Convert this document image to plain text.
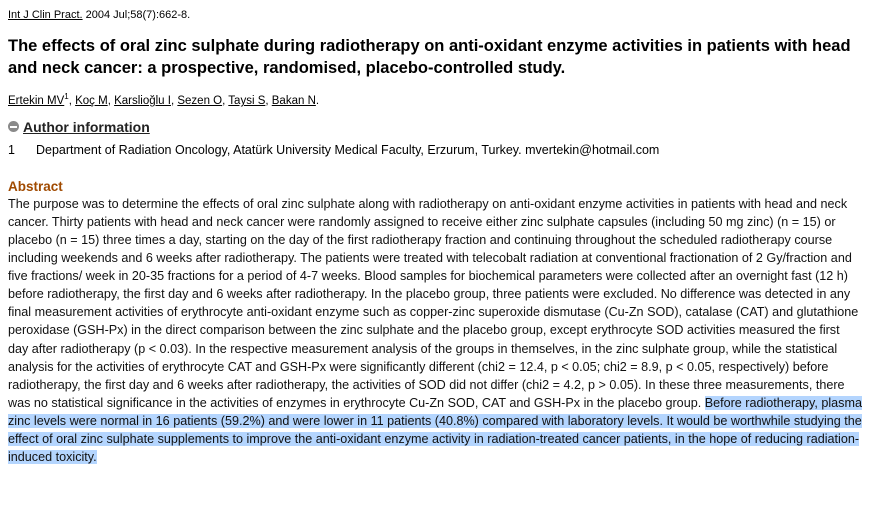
Int J Clin Pract. 2004 Jul;58(7):662-8.
The effects of oral zinc sulphate during radiotherapy on anti-oxidant enzyme activities in patients with head and neck cancer: a prospective, randomised, placebo-controlled study.
Ertekin $MV^1$, Koç M, Karslioğlu I, Sezen O, Taysi S, Bakan N.
Author information
1	Department of Radiation Oncology, Atatürk University Medical Faculty, Erzurum, Turkey. mvertekin@hotmail.com
Abstract
The purpose was to determine the effects of oral zinc sulphate along with radiotherapy on anti-oxidant enzyme activities in patients with head and neck cancer. Thirty patients with head and neck cancer were randomly assigned to receive either zinc sulphate capsules (including 50 mg zinc) (n = 15) or placebo (n = 15) three times a day, starting on the day of the first radiotherapy fraction and continuing throughout the scheduled radiotherapy course including weekends and 6 weeks after radiotherapy. The patients were treated with telecobalt radiation at conventional fractionation of 2 Gy/fraction and five fractions/ week in 20-35 fractions for a period of 4-7 weeks. Blood samples for biochemical parameters were collected after an overnight fast (12 h) before radiotherapy, the first day and 6 weeks after radiotherapy. In the placebo group, three patients were excluded. No difference was detected in any final measurement activities of erythrocyte anti-oxidant enzyme such as copper-zinc superoxide dismutase (Cu-Zn SOD), catalase (CAT) and glutathione peroxidase (GSH-Px) in the direct comparison between the zinc sulphate and the placebo group, except erythrocyte SOD activities measured the first day after radiotherapy (p < 0.03). In the respective measurement analysis of the groups in themselves, in the zinc sulphate group, while the statistical analysis for the activities of erythrocyte CAT and GSH-Px were significantly different (chi2 = 12.4, p < 0.05; chi2 = 8.9, p < 0.05, respectively) before radiotherapy, the first day and 6 weeks after radiotherapy, the activities of SOD did not differ (chi2 = 4.2, p > 0.05). In these three measurements, there was no statistical significance in the activities of enzymes in erythrocyte Cu-Zn SOD, CAT and GSH-Px in the placebo group. Before radiotherapy, plasma zinc levels were normal in 16 patients (59.2%) and were lower in 11 patients (40.8%) compared with laboratory levels. It would be worthwhile studying the effect of oral zinc sulphate supplements to improve the anti-oxidant enzyme activity in radiation-treated cancer patients, in the hope of reducing radiation-induced toxicity.
